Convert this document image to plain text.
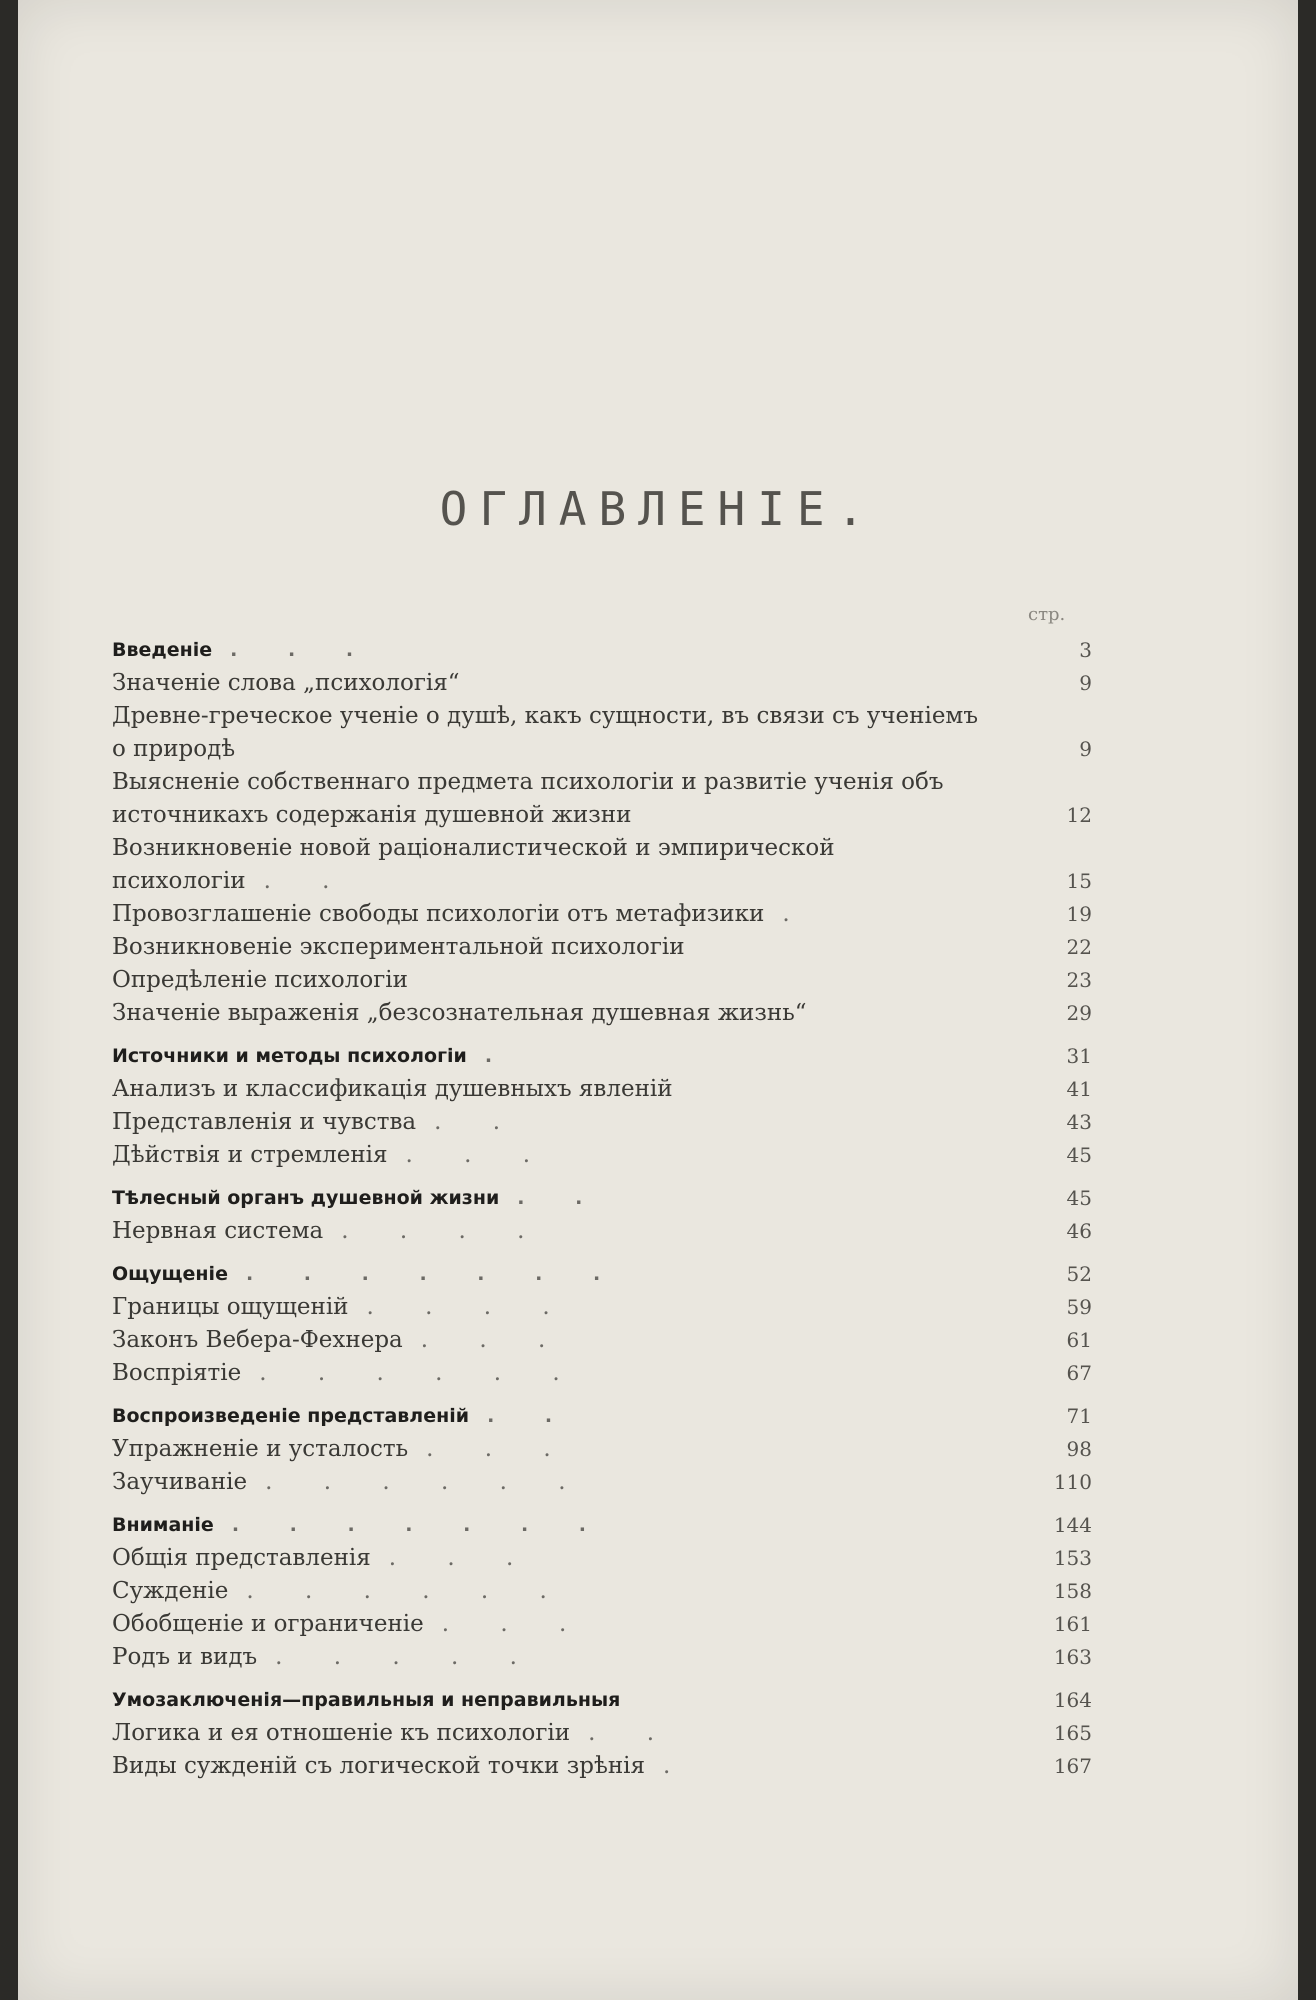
ОГЛАВЛЕНІЕ.
стр.
Введеніе . . .	3
Значеніе слова „психологія“	9
Древне-греческое ученіе о душѣ, какъ сущности, въ связи съ ученіемъ о природѣ	9
Выясненіе собственнаго предмета психологіи и развитіе ученія объ источникахъ содержанія душевной жизни	12
Возникновеніе новой раціоналистической и эмпирической психологіи . .	15
Провозглашеніе свободы психологіи отъ метафизики .	19
Возникновеніе экспериментальной психологіи	22
Опредѣленіе психологіи	23
Значеніе выраженія „безсознательная душевная жизнь“	29
Источники и методы психологіи .	31
Анализъ и классификація душевныхъ явленій	41
Представленія и чувства . .	43
Дѣйствія и стремленія . . .	45
Тѣлесный органъ душевной жизни . .	45
Нервная система . . . .	46
Ощущеніе . . . . . . .	52
Границы ощущеній . . . .	59
Законъ Вебера-Фехнера . . .	61
Воспріятіе . . . . . .	67
Воспроизведеніе представленій . .	71
Упражненіе и усталость . . .	98
Заучиваніе . . . . . .	110
Вниманіе . . . . . . .	144
Общія представленія . . .	153
Сужденіе . . . . . .	158
Обобщеніе и ограниченіе . . .	161
Родъ и видъ . . . . .	163
Умозаключенія—правильныя и неправильныя	164
Логика и ея отношеніе къ психологіи . .	165
Виды сужденій съ логической точки зрѣнія .	167
